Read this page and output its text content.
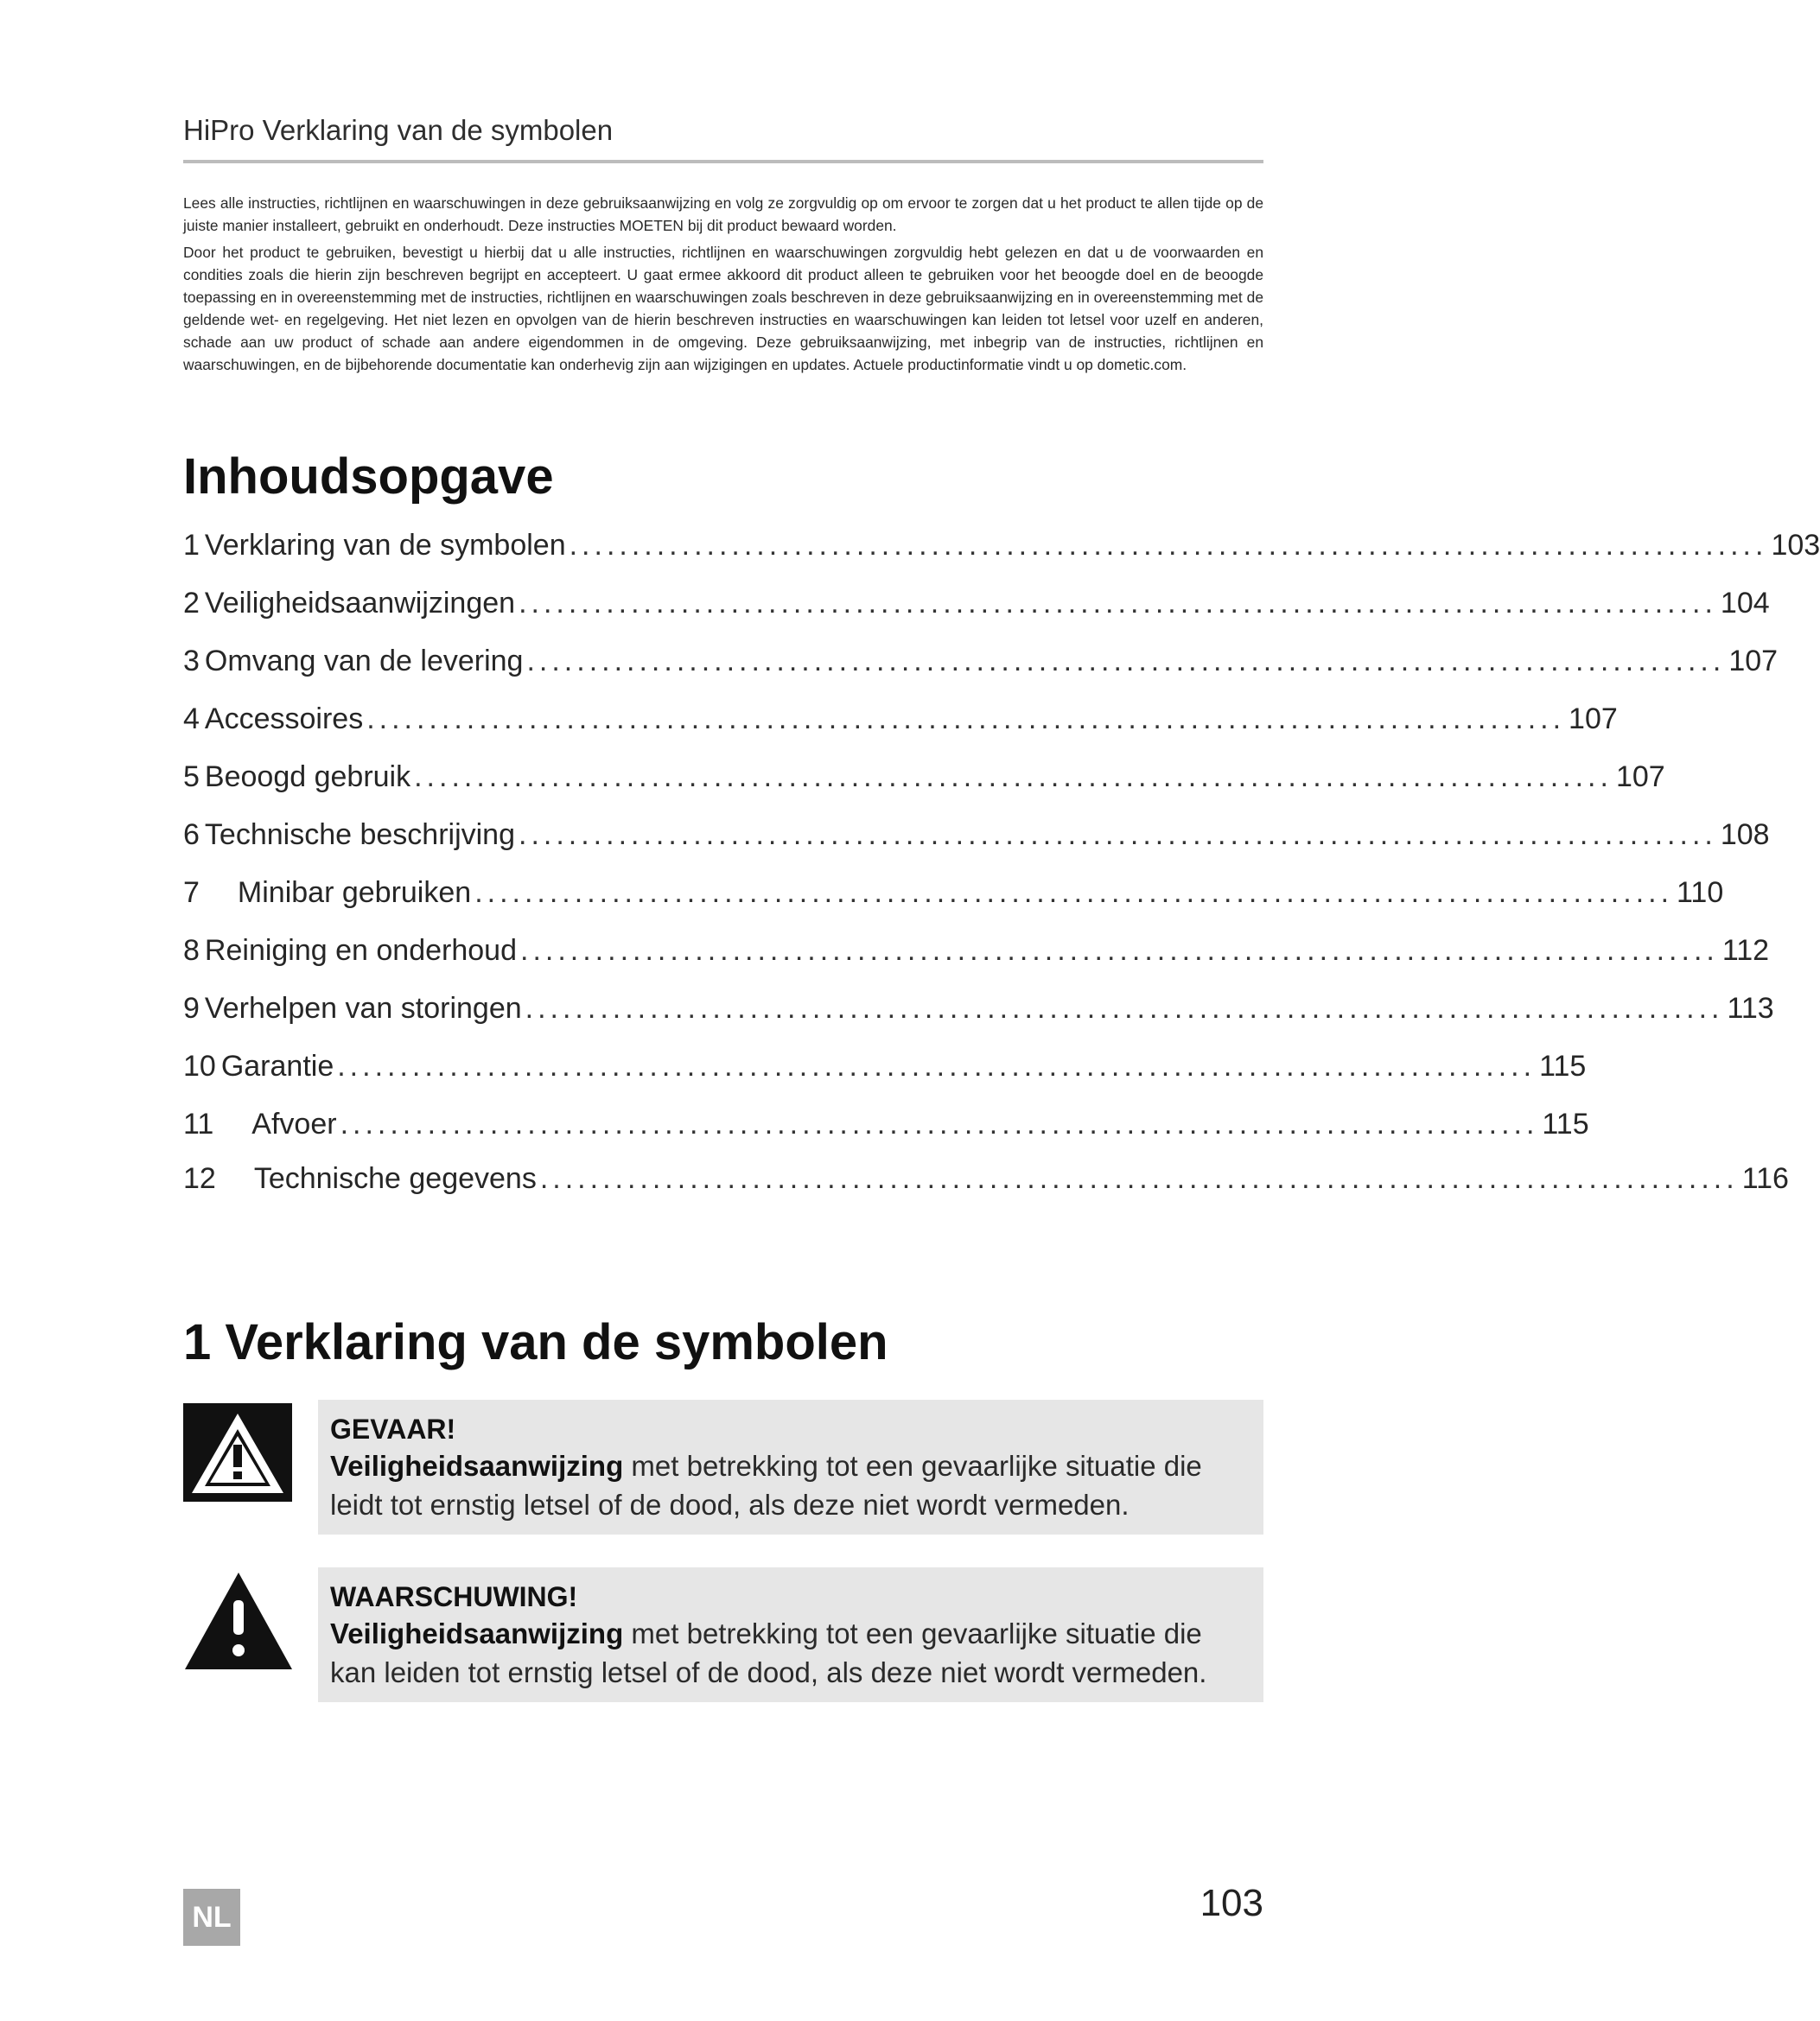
HiPro Verklaring van de symbolen

Lees alle instructies, richtlijnen en waarschuwingen in deze gebruiksaanwijzing en volg ze zorgvuldig op om ervoor te zorgen dat u het product te allen tijde op de juiste manier installeert, gebruikt en onderhoudt. Deze instructies MOETEN bij dit product bewaard worden.

Door het product te gebruiken, bevestigt u hierbij dat u alle instructies, richtlijnen en waarschuwingen zorgvuldig hebt gelezen en dat u de voorwaarden en condities zoals die hierin zijn beschreven begrijpt en accepteert. U gaat ermee akkoord dit product alleen te gebruiken voor het beoogde doel en de beoogde toepassing en in overeenstemming met de instructies, richtlijnen en waarschuwingen zoals beschreven in deze gebruiksaanwijzing en in overeenstemming met de geldende wet- en regelgeving. Het niet lezen en opvolgen van de hierin beschreven instructies en waarschuwingen kan leiden tot letsel voor uzelf en anderen, schade aan uw product of schade aan andere eigendommen in de omgeving. Deze gebruiksaanwijzing, met inbegrip van de instructies, richtlijnen en waarschuwingen, en de bijbehorende documentatie kan onderhevig zijn aan wijzigingen en updates. Actuele productinformatie vindt u op dometic.com.

Inhoudsopgave
1 Verklaring van de symbolen ................................................................................................ 103
2 Veiligheidsaanwijzingen ................................................................................................ 104
3 Omvang van de levering ................................................................................................ 107
4 Accessoires ................................................................................................ 107
5 Beoogd gebruik ................................................................................................ 107
6 Technische beschrijving ................................................................................................ 108
7	Minibar gebruiken ................................................................................................ 110
8 Reiniging en onderhoud ................................................................................................ 112
9 Verhelpen van storingen ................................................................................................ 113
10 Garantie ................................................................................................ 115
11	Afvoer ................................................................................................ 115
12	Technische gegevens ................................................................................................ 116
1 Verklaring van de symbolen
GEVAAR!
Veiligheidsaanwijzing met betrekking tot een gevaarlijke situatie die leidt tot ernstig letsel of de dood, als deze niet wordt vermeden.
WAARSCHUWING!
Veiligheidsaanwijzing met betrekking tot een gevaarlijke situatie die kan leiden tot ernstig letsel of de dood, als deze niet wordt vermeden.
NL	103
